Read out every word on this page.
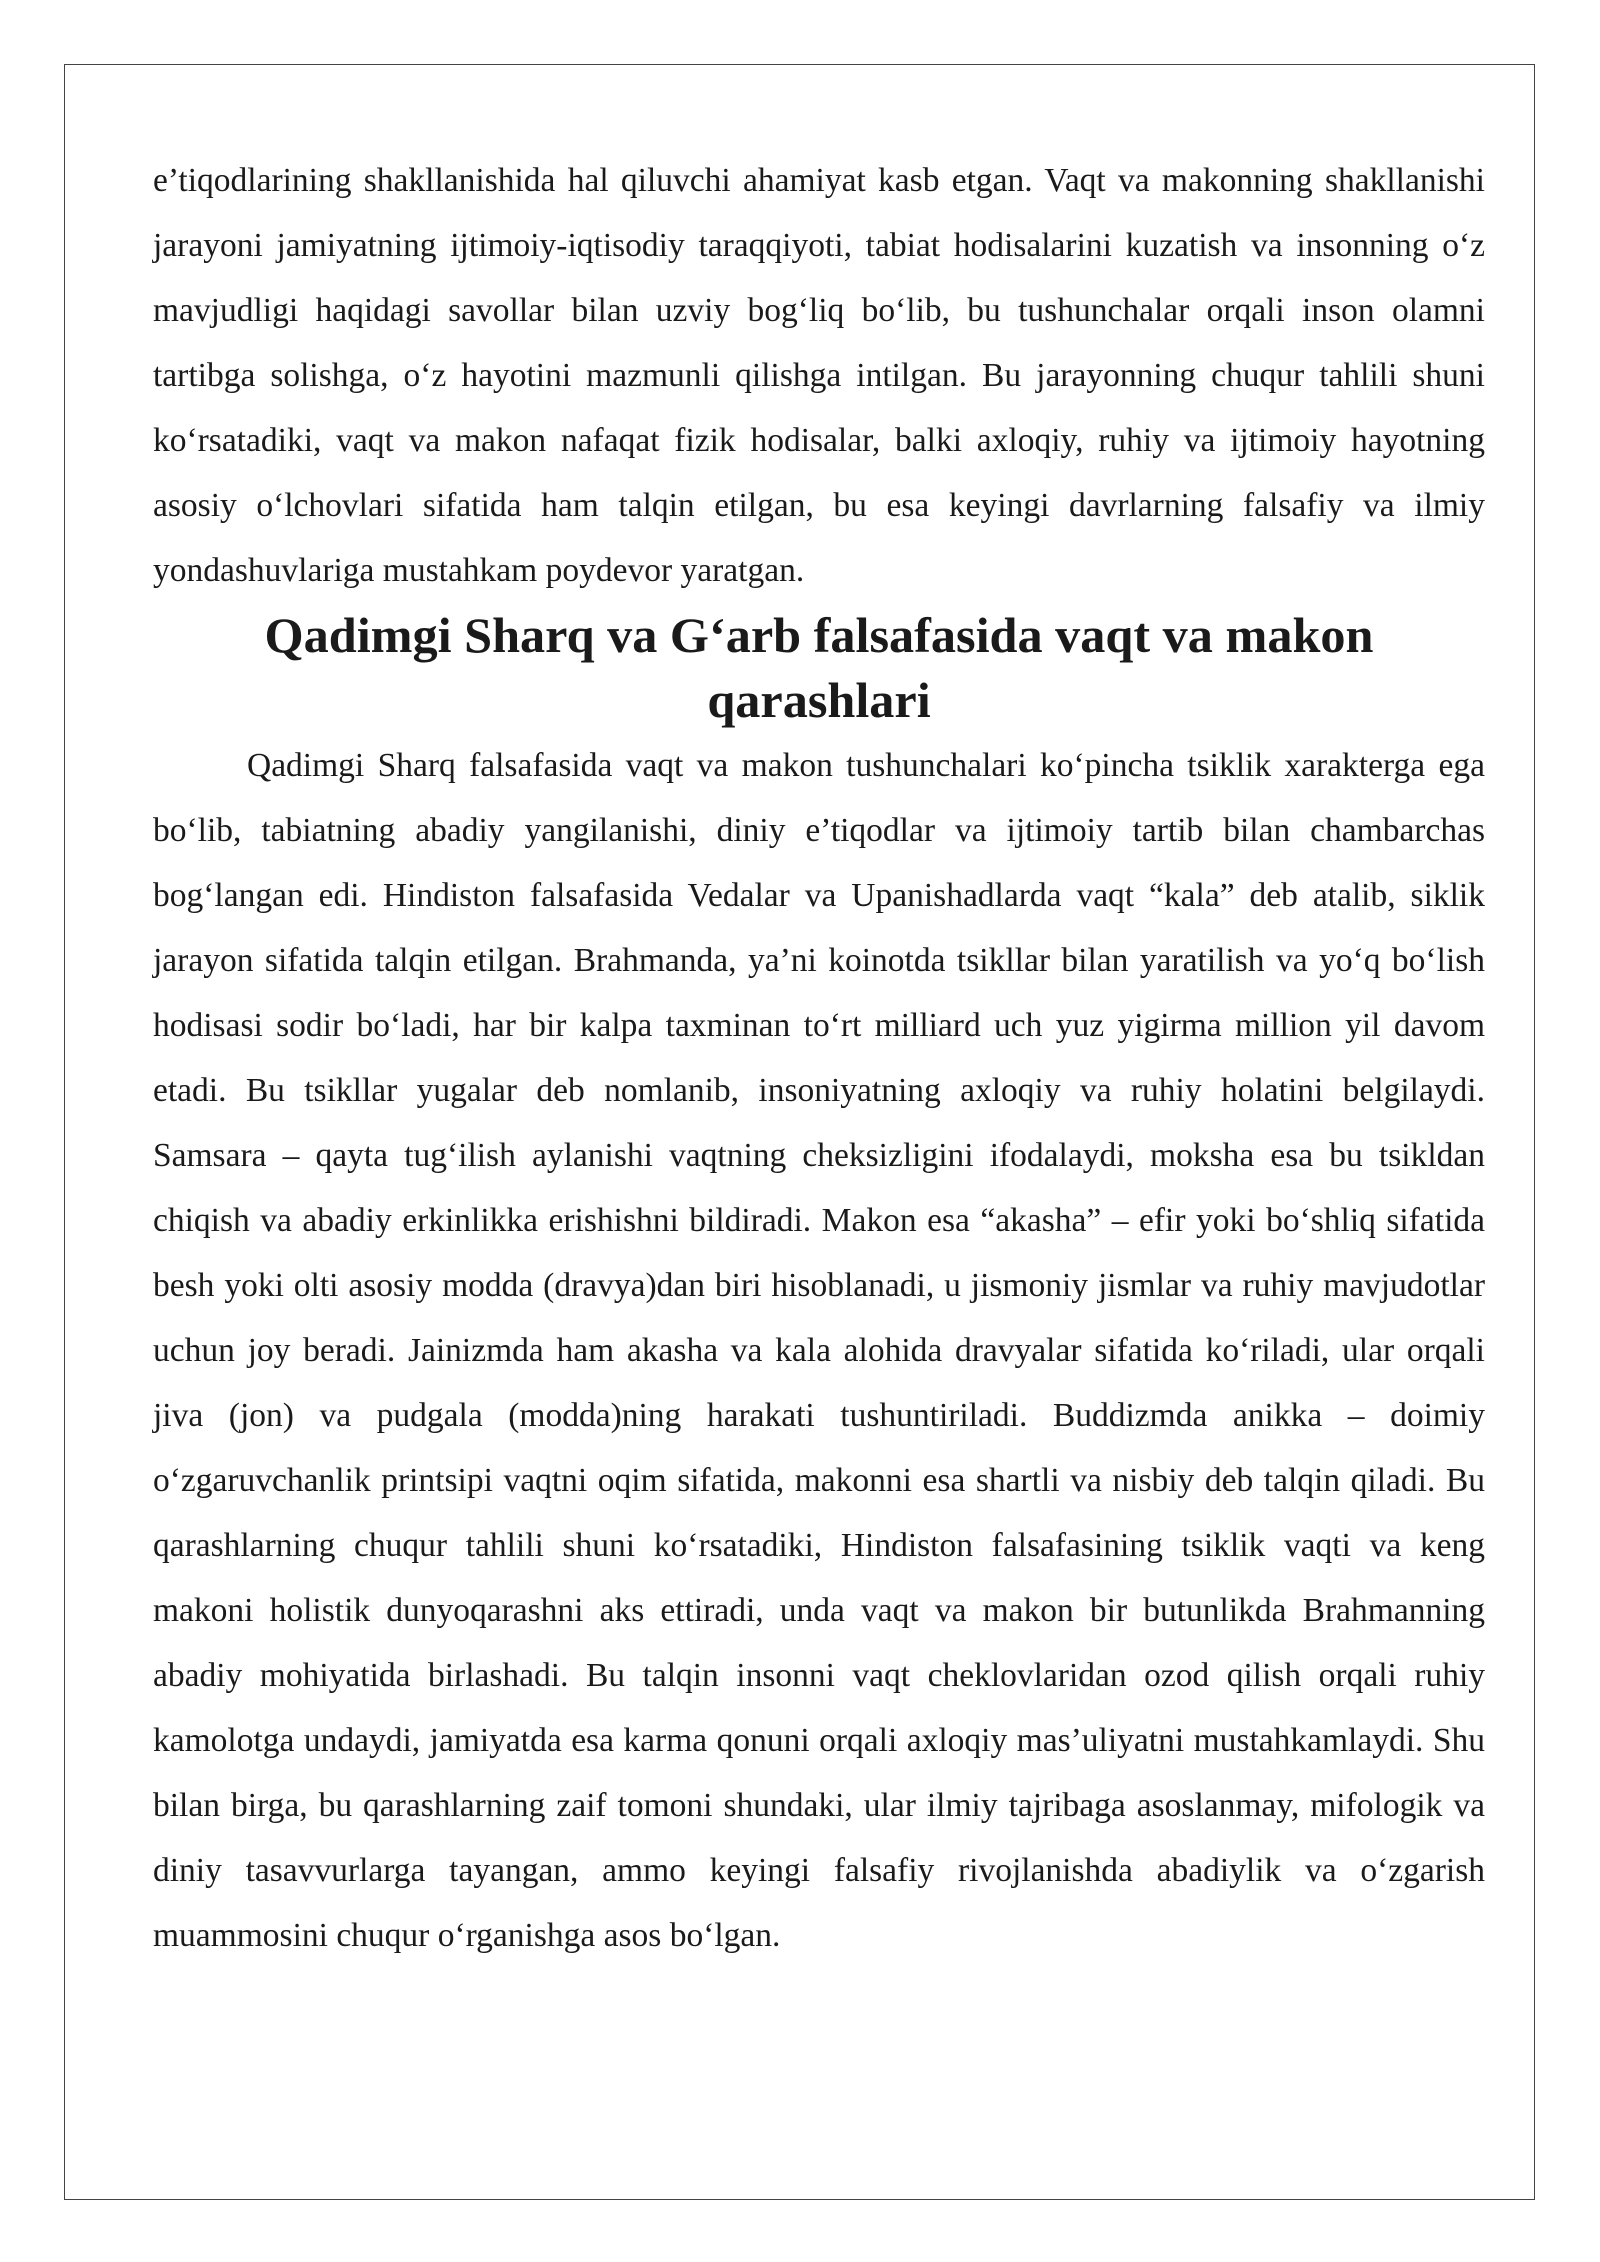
e’tiqodlarining shakllanishida hal qiluvchi ahamiyat kasb etgan. Vaqt va makonning shakllanishi jarayoni jamiyatning ijtimoiy-iqtisodiy taraqqiyoti, tabiat hodisalarini kuzatish va insonning o‘z mavjudligi haqidagi savollar bilan uzviy bog‘liq bo‘lib, bu tushunchalar orqali inson olamni tartibga solishga, o‘z hayotini mazmunli qilishga intilgan. Bu jarayonning chuqur tahlili shuni ko‘rsatadiki, vaqt va makon nafaqat fizik hodisalar, balki axloqiy, ruhiy va ijtimoiy hayotning asosiy o‘lchovlari sifatida ham talqin etilgan, bu esa keyingi davrlarning falsafiy va ilmiy yondashuvlariga mustahkam poydevor yaratgan.

Qadimgi Sharq va G‘arb falsafasida vaqt va makon qarashlari

Qadimgi Sharq falsafasida vaqt va makon tushunchalari ko‘pincha tsiklik xarakterga ega bo‘lib, tabiatning abadiy yangilanishi, diniy e’tiqodlar va ijtimoiy tartib bilan chambarchas bog‘langan edi. Hindiston falsafasida Vedalar va Upanishadlarda vaqt “kala” deb atalib, siklik jarayon sifatida talqin etilgan. Brahmanda, ya’ni koinotda tsikllar bilan yaratilish va yo‘q bo‘lish hodisasi sodir bo‘ladi, har bir kalpa taxminan to‘rt milliard uch yuz yigirma million yil davom etadi. Bu tsikllar yugalar deb nomlanib, insoniyatning axloqiy va ruhiy holatini belgilaydi. Samsara – qayta tug‘ilish aylanishi vaqtning cheksizligini ifodalaydi, moksha esa bu tsikldan chiqish va abadiy erkinlikka erishishni bildiradi. Makon esa “akasha” – efir yoki bo‘shliq sifatida besh yoki olti asosiy modda (dravya)dan biri hisoblanadi, u jismoniy jismlar va ruhiy mavjudotlar uchun joy beradi. Jainizmda ham akasha va kala alohida dravyalar sifatida ko‘riladi, ular orqali jiva (jon) va pudgala (modda)ning harakati tushuntiriladi. Buddizmda anikka – doimiy o‘zgaruvchanlik printsipi vaqtni oqim sifatida, makonni esa shartli va nisbiy deb talqin qiladi. Bu qarashlarning chuqur tahlili shuni ko‘rsatadiki, Hindiston falsafasining tsiklik vaqti va keng makoni holistik dunyoqarashni aks ettiradi, unda vaqt va makon bir butunlikda Brahmanning abadiy mohiyatida birlashadi. Bu talqin insonni vaqt cheklovlaridan ozod qilish orqali ruhiy kamolotga undaydi, jamiyatda esa karma qonuni orqali axloqiy mas’uliyatni mustahkamlaydi. Shu bilan birga, bu qarashlarning zaif tomoni shundaki, ular ilmiy tajribaga asoslanmay, mifologik va diniy tasavvurlarga tayangan, ammo keyingi falsafiy rivojlanishda abadiylik va o‘zgarish muammosini chuqur o‘rganishga asos bo‘lgan.
